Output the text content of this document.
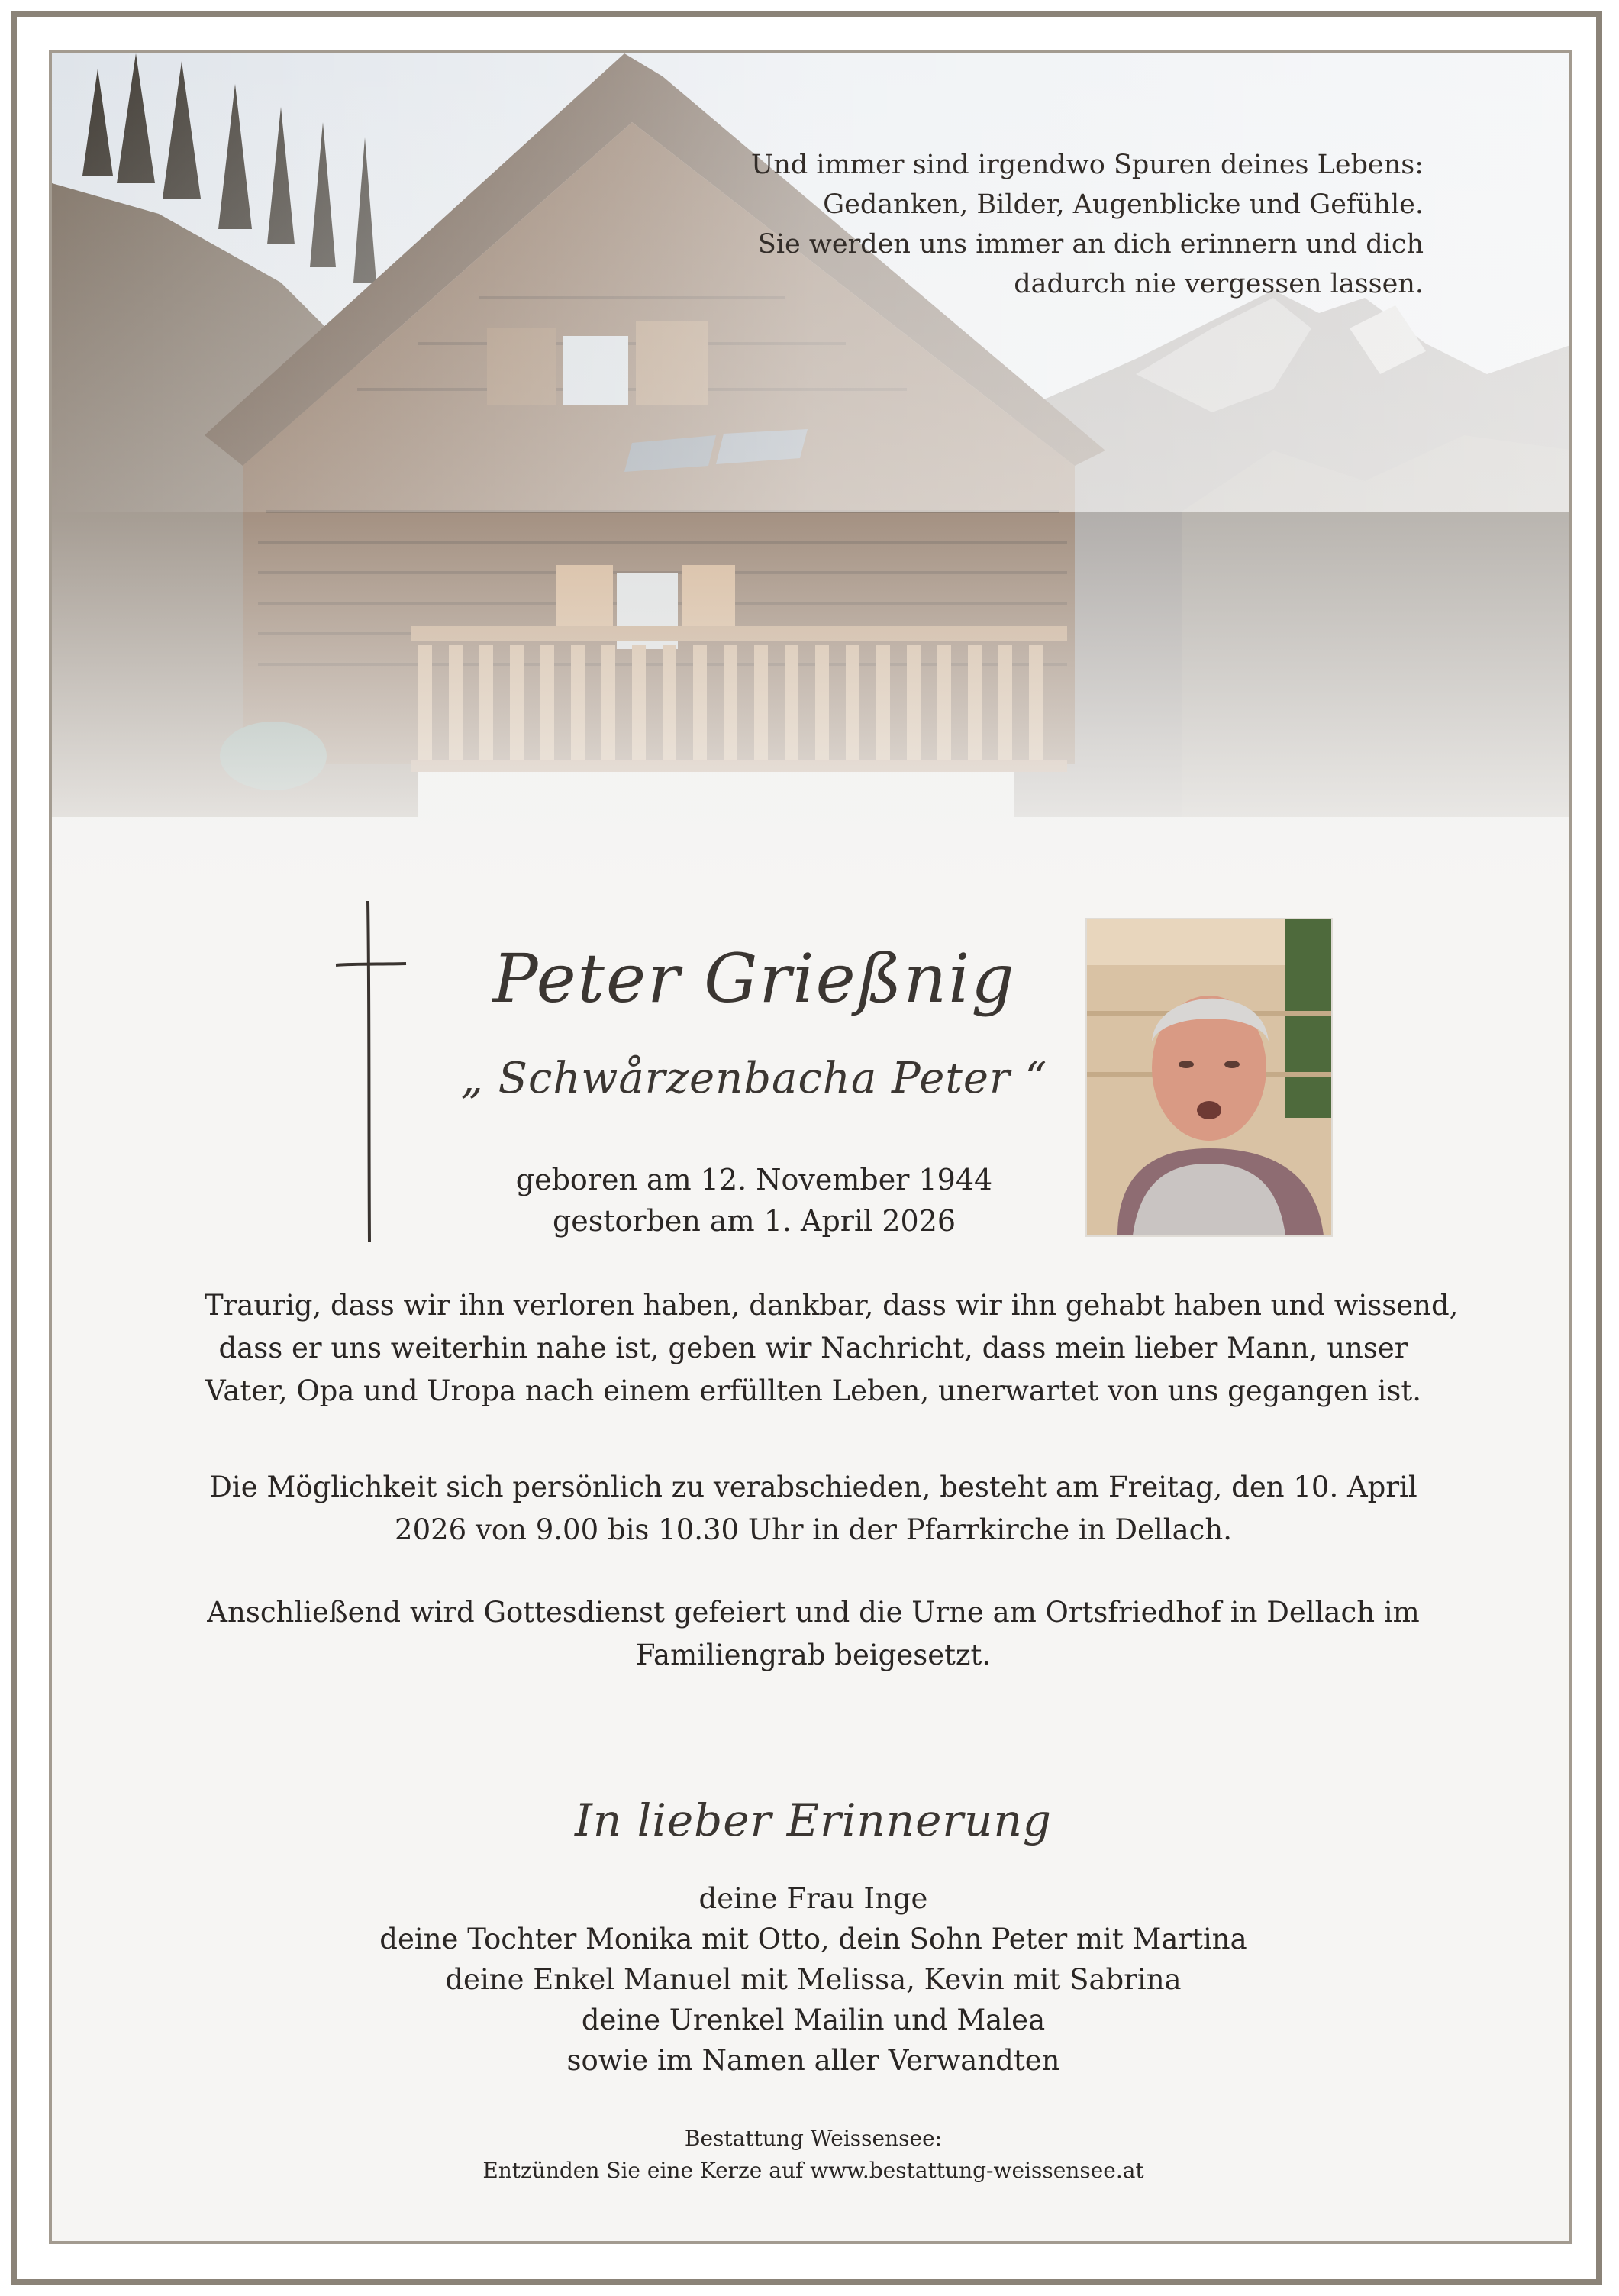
Und immer sind irgendwo Spuren deines Lebens:
Gedanken, Bilder, Augenblicke und Gefühle.
Sie werden uns immer an dich erinnern und dich
dadurch nie vergessen lassen.
Peter Grießnig
„ Schwårzenbacha Peter “
geboren am 12. November 1944
gestorben am 1. April 2026
Traurig, dass wir ihn verloren haben, dankbar, dass wir ihn gehabt haben und wissend,
dass er uns weiterhin nahe ist, geben wir Nachricht, dass mein lieber Mann, unser
Vater, Opa und Uropa nach einem erfüllten Leben, unerwartet von uns gegangen ist.
Die Möglichkeit sich persönlich zu verabschieden, besteht am Freitag, den 10. April
2026 von 9.00 bis 10.30 Uhr in der Pfarrkirche in Dellach.
Anschließend wird Gottesdienst gefeiert und die Urne am Ortsfriedhof in Dellach im
Familiengrab beigesetzt.
In lieber Erinnerung
deine Frau Inge
deine Tochter Monika mit Otto, dein Sohn Peter mit Martina
deine Enkel Manuel mit Melissa, Kevin mit Sabrina
deine Urenkel Mailin und Malea
sowie im Namen aller Verwandten
Bestattung Weissensee:
Entzünden Sie eine Kerze auf www.bestattung-weissensee.at
